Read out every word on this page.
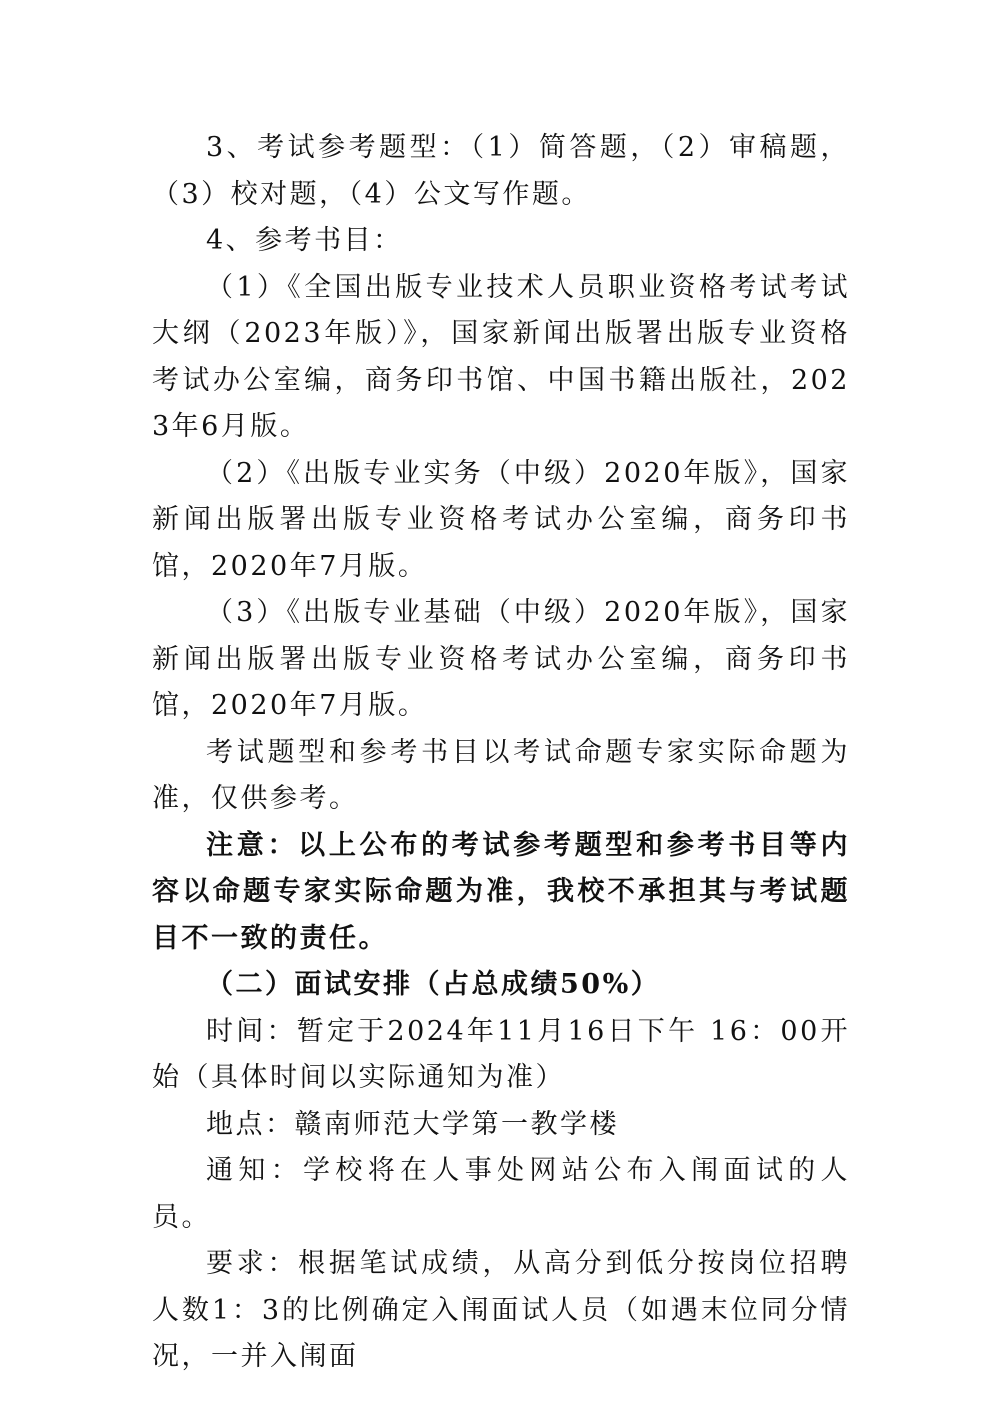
3、考试参考题型：（1）简答题，（2）审稿题，（3）校对题，（4）公文写作题。

4、参考书目：

（1）《全国出版专业技术人员职业资格考试考试大纲（2023年版）》，国家新闻出版署出版专业资格考试办公室编，商务印书馆、中国书籍出版社，2023年6月版。

（2）《出版专业实务（中级）2020年版》，国家新闻出版署出版专业资格考试办公室编，商务印书馆，2020年7月版。

（3）《出版专业基础（中级）2020年版》，国家新闻出版署出版专业资格考试办公室编，商务印书馆，2020年7月版。

考试题型和参考书目以考试命题专家实际命题为准，仅供参考。

注意：以上公布的考试参考题型和参考书目等内容以命题专家实际命题为准，我校不承担其与考试题目不一致的责任。

（二）面试安排（占总成绩50%）

时间：暂定于2024年11月16日下午 16：00开始（具体时间以实际通知为准）

地点：赣南师范大学第一教学楼

通知：学校将在人事处网站公布入闱面试的人员。

要求：根据笔试成绩，从高分到低分按岗位招聘人数1：3的比例确定入闱面试人员（如遇末位同分情况，一并入闱面
